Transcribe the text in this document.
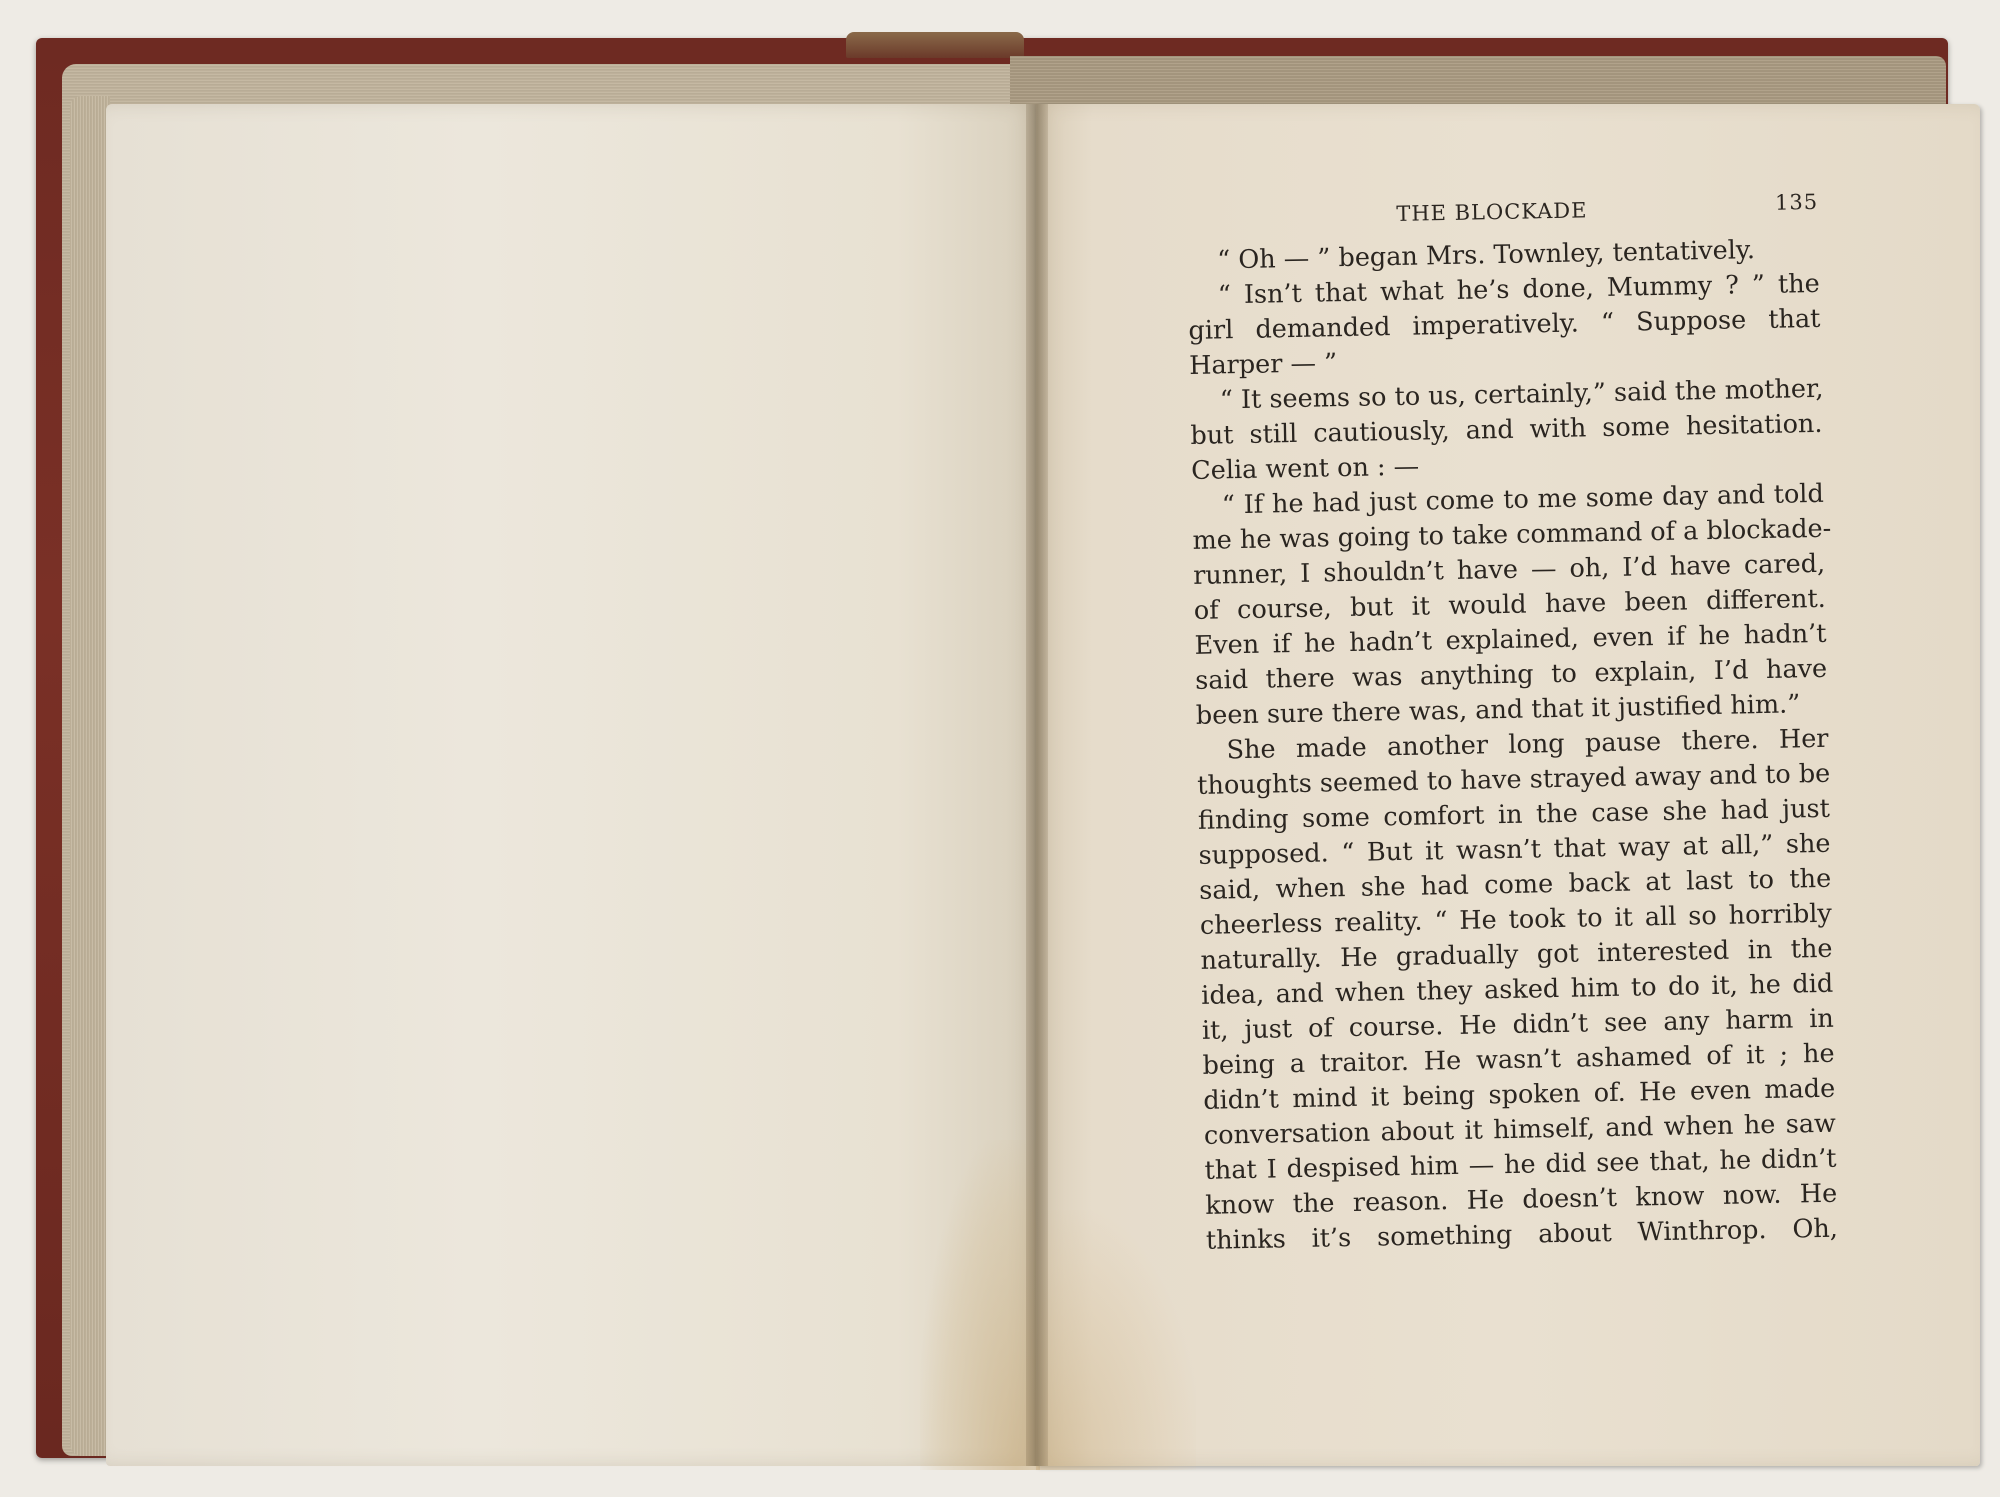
THE BLOCKADE	135
“ Oh — ” began Mrs. Townley, tentatively.
“ Isn’t that what he’s done, Mummy ? ” the
girl demanded imperatively. “ Suppose that
Harper — ”
“ It seems so to us, certainly,” said the mother,
but still cautiously, and with some hesitation.
Celia went on : —
“ If he had just come to me some day and told
me he was going to take command of a blockade-
runner, I shouldn’t have — oh, I’d have cared,
of course, but it would have been different.
Even if he hadn’t explained, even if he hadn’t
said there was anything to explain, I’d have
been sure there was, and that it justified him.”
She made another long pause there. Her
thoughts seemed to have strayed away and to be
finding some comfort in the case she had just
supposed. “ But it wasn’t that way at all,” she
said, when she had come back at last to the
cheerless reality. “ He took to it all so horribly
naturally. He gradually got interested in the
idea, and when they asked him to do it, he did
it, just of course. He didn’t see any harm in
being a traitor. He wasn’t ashamed of it ; he
didn’t mind it being spoken of. He even made
conversation about it himself, and when he saw
that I despised him — he did see that, he didn’t
know the reason. He doesn’t know now. He
thinks it’s something about Winthrop. Oh,
